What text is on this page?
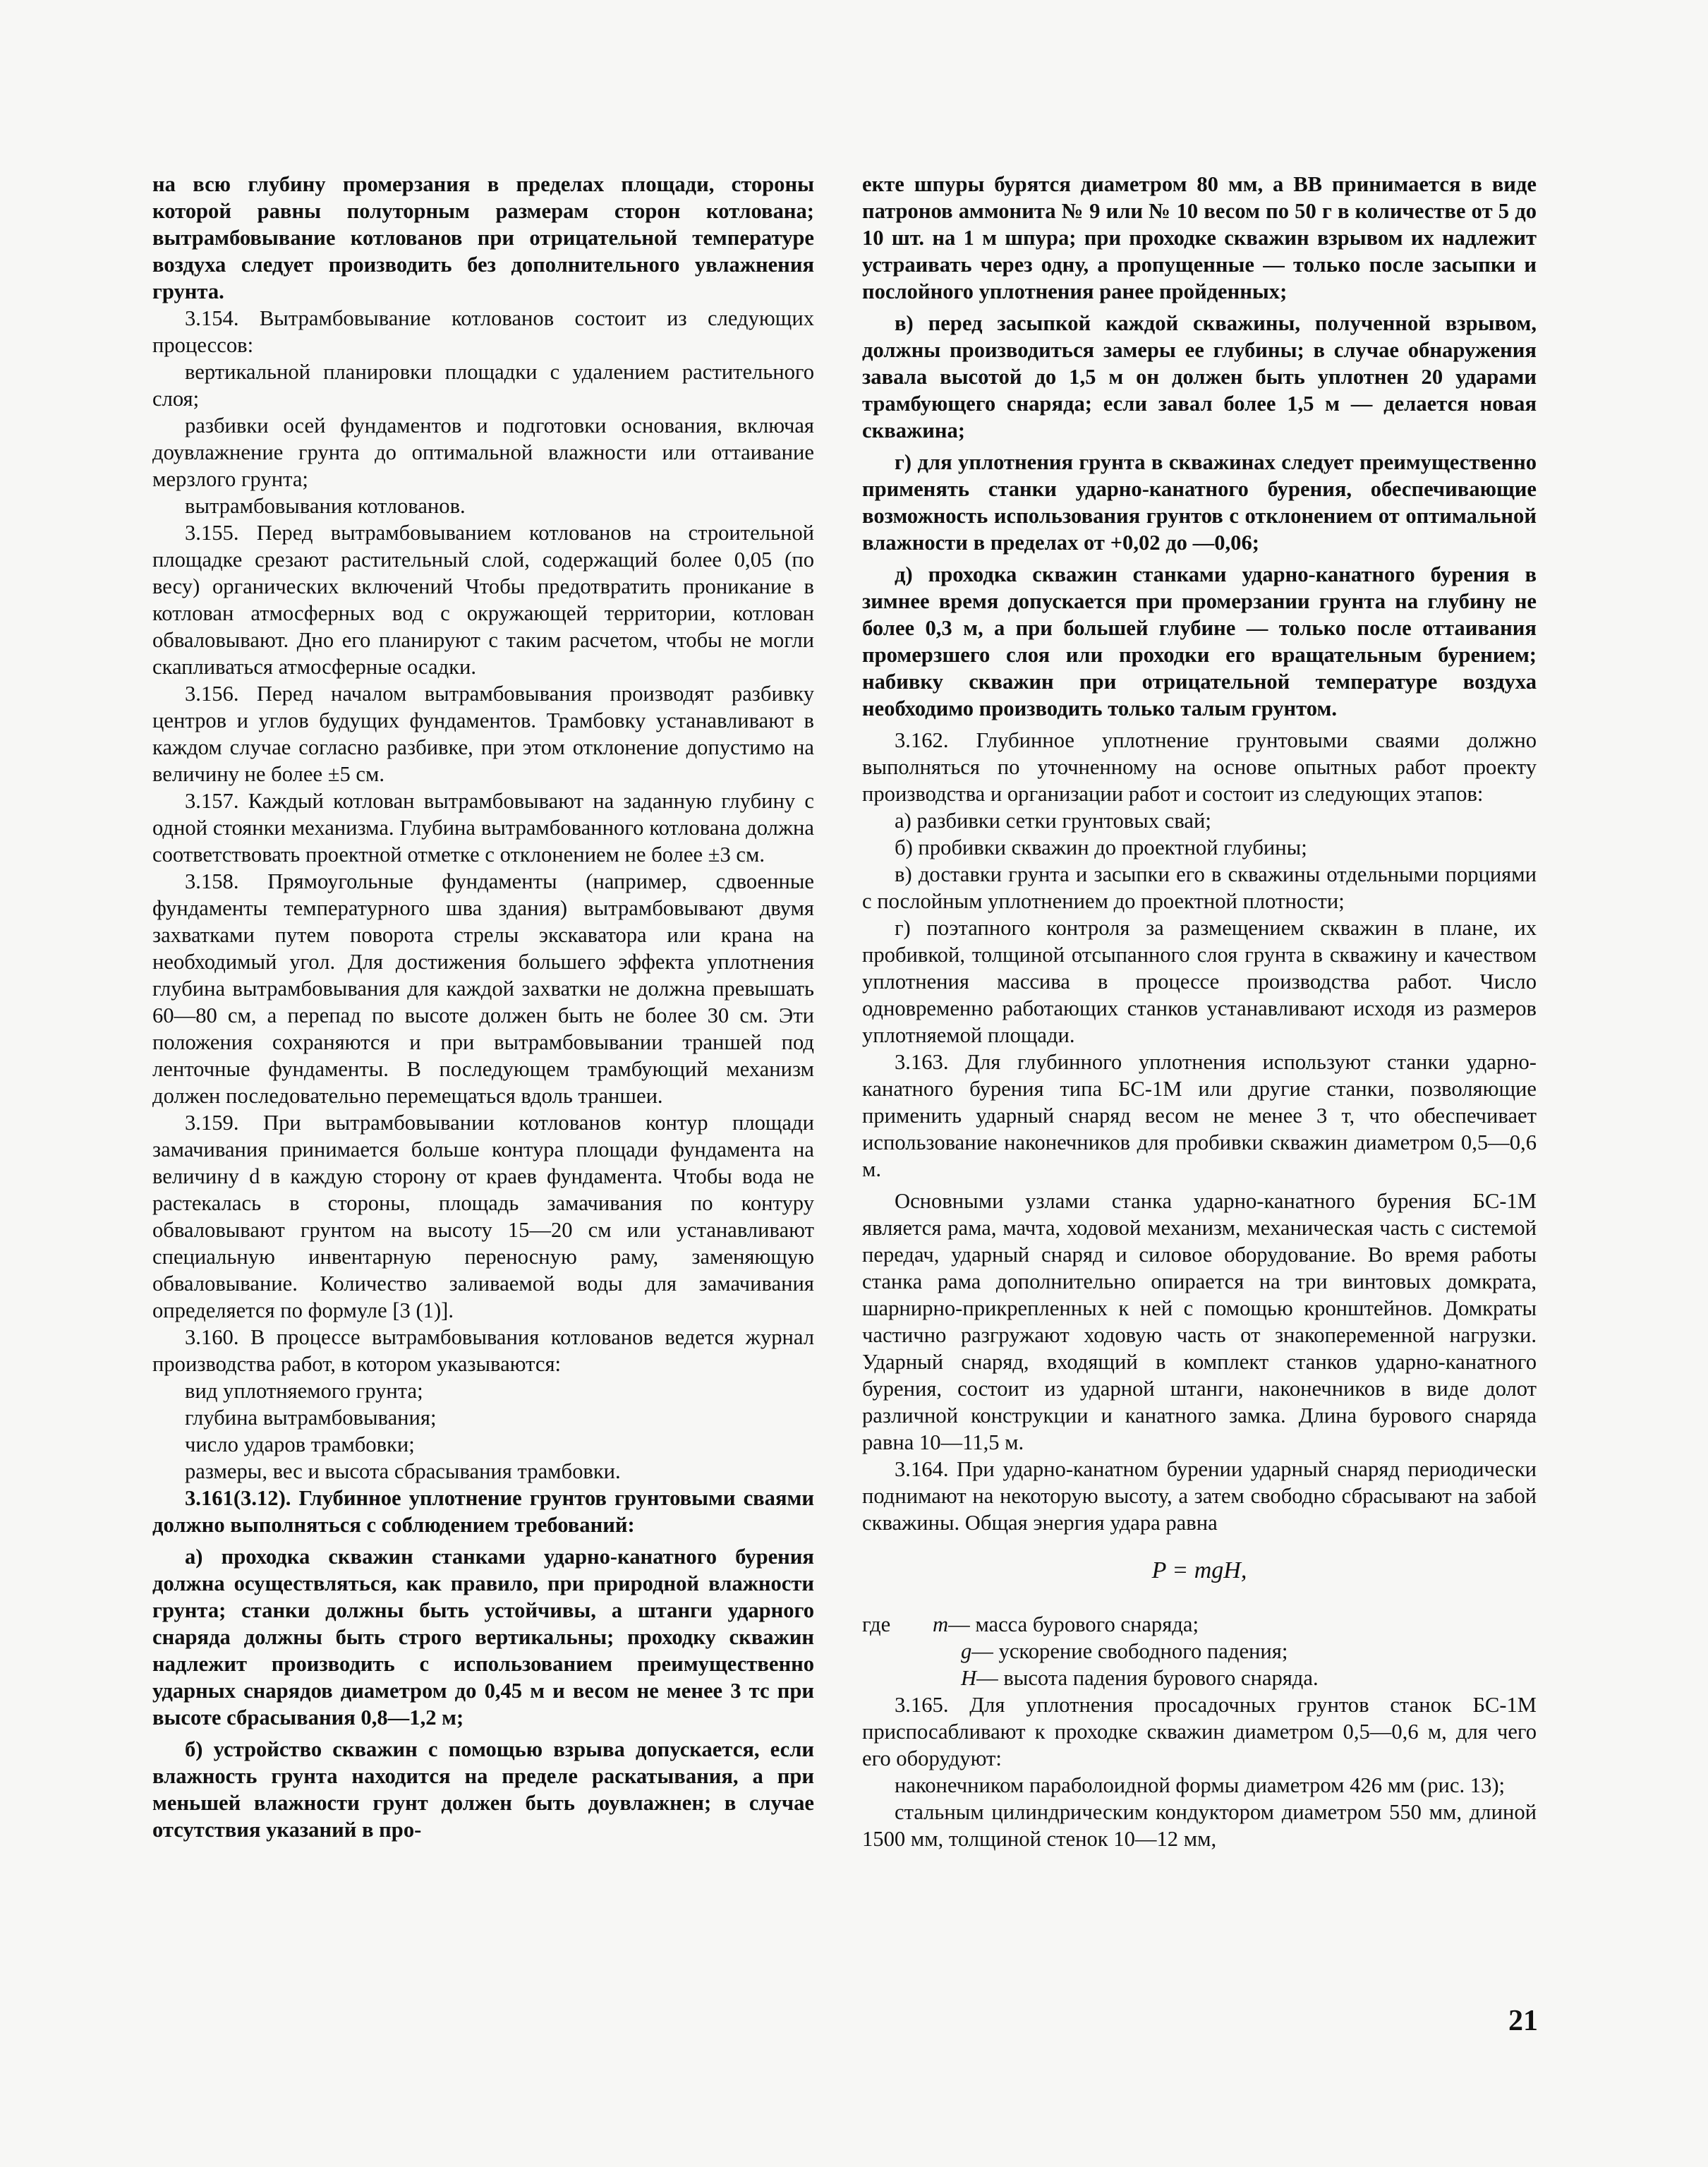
на всю глубину промерзания в пределах площади, стороны которой равны полуторным размерам сторон котлована; вытрамбовывание котлованов при отрицательной температуре воздуха следует производить без дополнительного увлажнения грунта.

3.154. Вытрамбовывание котлованов состоит из следующих процессов:

вертикальной планировки площадки с удалением растительного слоя;

разбивки осей фундаментов и подготовки основания, включая доувлажнение грунта до оптимальной влажности или оттаивание мерзлого грунта;

вытрамбовывания котлованов.

3.155. Перед вытрамбовыванием котлованов на строительной площадке срезают растительный слой, содержащий более 0,05 (по весу) органических включений Чтобы предотвратить проникание в котлован атмосферных вод с окружающей территории, котлован обваловывают. Дно его планируют с таким расчетом, чтобы не могли скапливаться атмосферные осадки.

3.156. Перед началом вытрамбовывания производят разбивку центров и углов будущих фундаментов. Трамбовку устанавливают в каждом случае согласно разбивке, при этом отклонение допустимо на величину не более ±5 см.

3.157. Каждый котлован вытрамбовывают на заданную глубину с одной стоянки механизма. Глубина вытрамбованного котлована должна соответствовать проектной отметке с отклонением не более ±3 см.

3.158. Прямоугольные фундаменты (например, сдвоенные фундаменты температурного шва здания) вытрамбовывают двумя захватками путем поворота стрелы экскаватора или крана на необходимый угол. Для достижения большего эффекта уплотнения глубина вытрамбовывания для каждой захватки не должна превышать 60—80 см, а перепад по высоте должен быть не более 30 см. Эти положения сохраняются и при вытрамбовывании траншей под ленточные фундаменты. В последующем трамбующий механизм должен последовательно перемещаться вдоль траншеи.

3.159. При вытрамбовывании котлованов контур площади замачивания принимается больше контура площади фундамента на величину d в каждую сторону от краев фундамента. Чтобы вода не растекалась в стороны, площадь замачивания по контуру обваловывают грунтом на высоту 15—20 см или устанавливают специальную инвентарную переносную раму, заменяющую обваловывание. Количество заливаемой воды для замачивания определяется по формуле [3 (1)].

3.160. В процессе вытрамбовывания котлованов ведется журнал производства работ, в котором указываются:

вид уплотняемого грунта;

глубина вытрамбовывания;

число ударов трамбовки;

размеры, вес и высота сбрасывания трамбовки.

3.161(3.12). Глубинное уплотнение грунтов грунтовыми сваями должно выполняться с соблюдением требований:

а) проходка скважин станками ударно-канатного бурения должна осуществляться, как правило, при природной влажности грунта; станки должны быть устойчивы, а штанги ударного снаряда должны быть строго вертикальны; проходку скважин надлежит производить с использованием преимущественно ударных снарядов диаметром до 0,45 м и весом не менее 3 тс при высоте сбрасывания 0,8—1,2 м;

б) устройство скважин с помощью взрыва допускается, если влажность грунта находится на пределе раскатывания, а при меньшей влажности грунт должен быть доувлажнен; в случае отсутствия указаний в про-

екте шпуры бурятся диаметром 80 мм, а ВВ принимается в виде патронов аммонита № 9 или № 10 весом по 50 г в количестве от 5 до 10 шт. на 1 м шпура; при проходке скважин взрывом их надлежит устраивать через одну, а пропущенные — только после засыпки и послойного уплотнения ранее пройденных;

в) перед засыпкой каждой скважины, полученной взрывом, должны производиться замеры ее глубины; в случае обнаружения завала высотой до 1,5 м он должен быть уплотнен 20 ударами трамбующего снаряда; если завал более 1,5 м — делается новая скважина;

г) для уплотнения грунта в скважинах следует преимущественно применять станки ударно-канатного бурения, обеспечивающие возможность использования грунтов с отклонением от оптимальной влажности в пределах от +0,02 до —0,06;

д) проходка скважин станками ударно-канатного бурения в зимнее время допускается при промерзании грунта на глубину не более 0,3 м, а при большей глубине — только после оттаивания промерзшего слоя или проходки его вращательным бурением; набивку скважин при отрицательной температуре воздуха необходимо производить только талым грунтом.

3.162. Глубинное уплотнение грунтовыми сваями должно выполняться по уточненному на основе опытных работ проекту производства и организации работ и состоит из следующих этапов:

а) разбивки сетки грунтовых свай;

б) пробивки скважин до проектной глубины;

в) доставки грунта и засыпки его в скважины отдельными порциями с послойным уплотнением до проектной плотности;

г) поэтапного контроля за размещением скважин в плане, их пробивкой, толщиной отсыпанного слоя грунта в скважину и качеством уплотнения массива в процессе производства работ. Число одновременно работающих станков устанавливают исходя из размеров уплотняемой площади.

3.163. Для глубинного уплотнения используют станки ударно-канатного бурения типа БС-1М или другие станки, позволяющие применить ударный снаряд весом не менее 3 т, что обеспечивает использование наконечников для пробивки скважин диаметром 0,5—0,6 м.

Основными узлами станка ударно-канатного бурения БС-1М является рама, мачта, ходовой механизм, механическая часть с системой передач, ударный снаряд и силовое оборудование. Во время работы станка рама дополнительно опирается на три винтовых домкрата, шарнирно-прикрепленных к ней с помощью кронштейнов. Домкраты частично разгружают ходовую часть от знакопеременной нагрузки. Ударный снаряд, входящий в комплект станков ударно-канатного бурения, состоит из ударной штанги, наконечников в виде долот различной конструкции и канатного замка. Длина бурового снаряда равна 10—11,5 м.

3.164. При ударно-канатном бурении ударный снаряд периодически поднимают на некоторую высоту, а затем свободно сбрасывают на забой скважины. Общая энергия удара равна

P = mgH,

где m— масса бурового снаряда;

g— ускорение свободного падения;

H— высота падения бурового снаряда.

3.165. Для уплотнения просадочных грунтов станок БС-1М приспосабливают к проходке скважин диаметром 0,5—0,6 м, для чего его оборудуют:

наконечником параболоидной формы диаметром 426 мм (рис. 13);

стальным цилиндрическим кондуктором диаметром 550 мм, длиной 1500 мм, толщиной стенок 10—12 мм,

21
